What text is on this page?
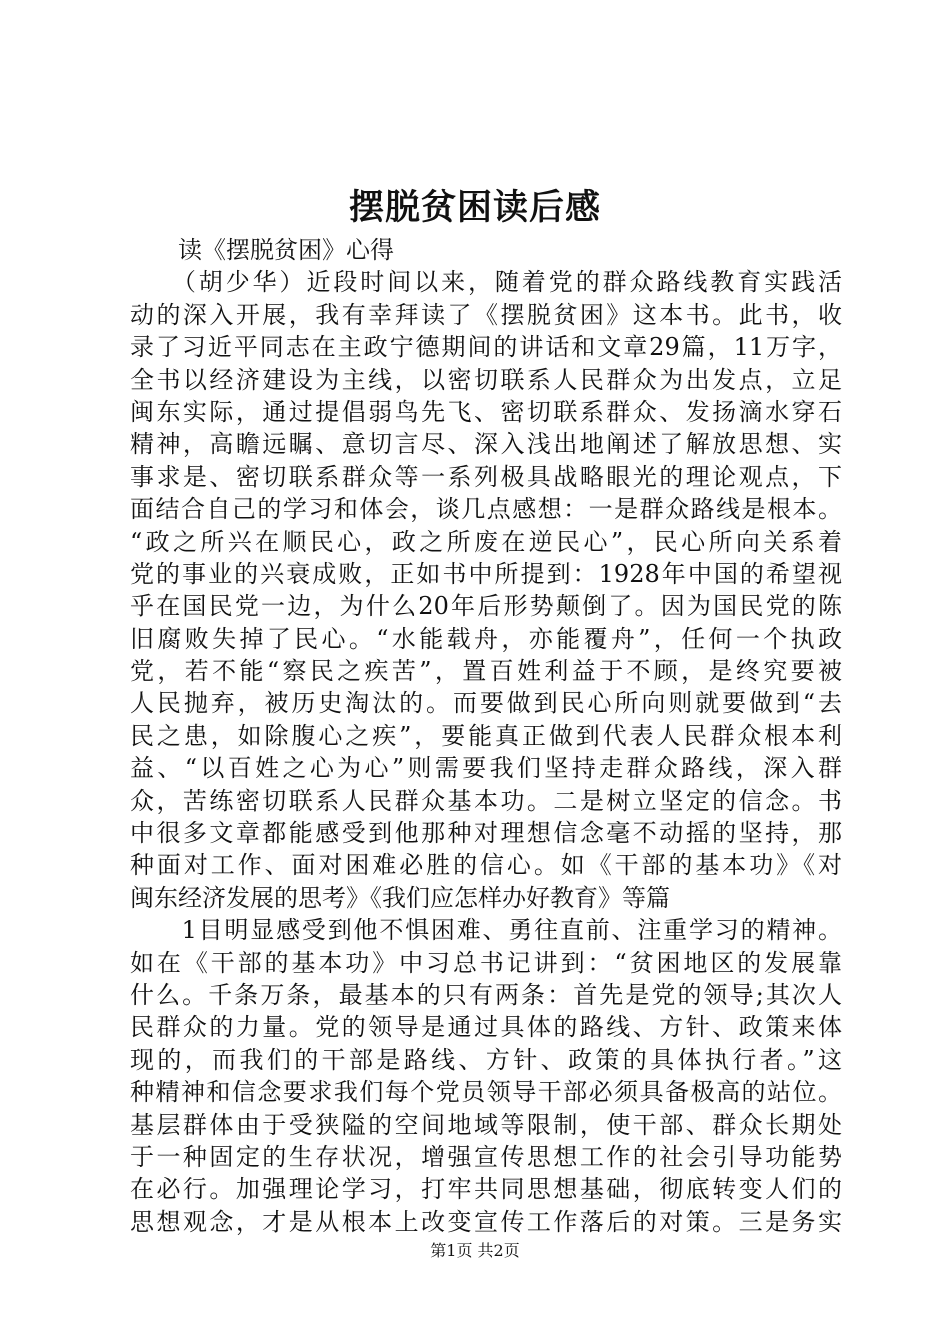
摆脱贫困读后感
　　读《摆脱贫困》心得
　　（胡少华）近段时间以来，随着党的群众路线教育实践活
动的深入开展，我有幸拜读了《摆脱贫困》这本书。此书，收
录了习近平同志在主政宁德期间的讲话和文章29篇，11万字，
全书以经济建设为主线，以密切联系人民群众为出发点，立足
闽东实际，通过提倡弱鸟先飞、密切联系群众、发扬滴水穿石
精神，高瞻远瞩、意切言尽、深入浅出地阐述了解放思想、实
事求是、密切联系群众等一系列极具战略眼光的理论观点，下
面结合自己的学习和体会，谈几点感想：一是群众路线是根本。
“政之所兴在顺民心，政之所废在逆民心”，民心所向关系着
党的事业的兴衰成败，正如书中所提到：1928年中国的希望视
乎在国民党一边，为什么20年后形势颠倒了。因为国民党的陈
旧腐败失掉了民心。“水能载舟，亦能覆舟”，任何一个执政
党，若不能“察民之疾苦”，置百姓利益于不顾，是终究要被
人民抛弃，被历史淘汰的。而要做到民心所向则就要做到“去
民之患，如除腹心之疾”，要能真正做到代表人民群众根本利
益、“以百姓之心为心”则需要我们坚持走群众路线，深入群
众，苦练密切联系人民群众基本功。二是树立坚定的信念。书
中很多文章都能感受到他那种对理想信念毫不动摇的坚持，那
种面对工作、面对困难必胜的信心。如《干部的基本功》《对
闽东经济发展的思考》《我们应怎样办好教育》等篇
　　1目明显感受到他不惧困难、勇往直前、注重学习的精神。
如在《干部的基本功》中习总书记讲到：“贫困地区的发展靠
什么。千条万条，最基本的只有两条：首先是党的领导;其次人
民群众的力量。党的领导是通过具体的路线、方针、政策来体
现的，而我们的干部是路线、方针、政策的具体执行者。”这
种精神和信念要求我们每个党员领导干部必须具备极高的站位。
基层群体由于受狭隘的空间地域等限制，使干部、群众长期处
于一种固定的生存状况，增强宣传思想工作的社会引导功能势
在必行。加强理论学习，打牢共同思想基础，彻底转变人们的
思想观念，才是从根本上改变宣传工作落后的对策。三是务实
第1页 共2页
